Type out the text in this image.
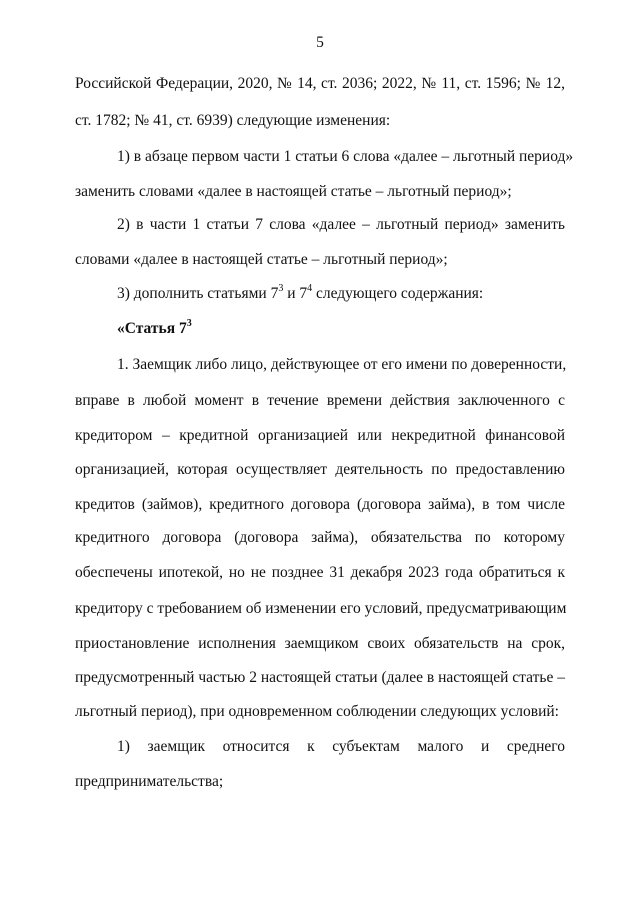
5
Российской Федерации, 2020, № 14, ст. 2036; 2022, № 11, ст. 1596; № 12,
ст. 1782; № 41, ст. 6939) следующие изменения:
1) в абзаце первом части 1 статьи 6 слова «далее – льготный период»
заменить словами «далее в настоящей статье – льготный период»;
2) в части 1 статьи 7 слова «далее – льготный период» заменить
словами «далее в настоящей статье – льготный период»;
3) дополнить статьями $7^3$ и $7^4$ следующего содержания:
«Статья $7^3$
1. Заемщик либо лицо, действующее от его имени по доверенности,
вправе в любой момент в течение времени действия заключенного с
кредитором – кредитной организацией или некредитной финансовой
организацией, которая осуществляет деятельность по предоставлению
кредитов (займов), кредитного договора (договора займа), в том числе
кредитного договора (договора займа), обязательства по которому
обеспечены ипотекой, но не позднее 31 декабря 2023 года обратиться к
кредитору с требованием об изменении его условий, предусматривающим
приостановление исполнения заемщиком своих обязательств на срок,
предусмотренный частью 2 настоящей статьи (далее в настоящей статье –
льготный период), при одновременном соблюдении следующих условий:
1) заемщик относится к субъектам малого и среднего
предпринимательства;
